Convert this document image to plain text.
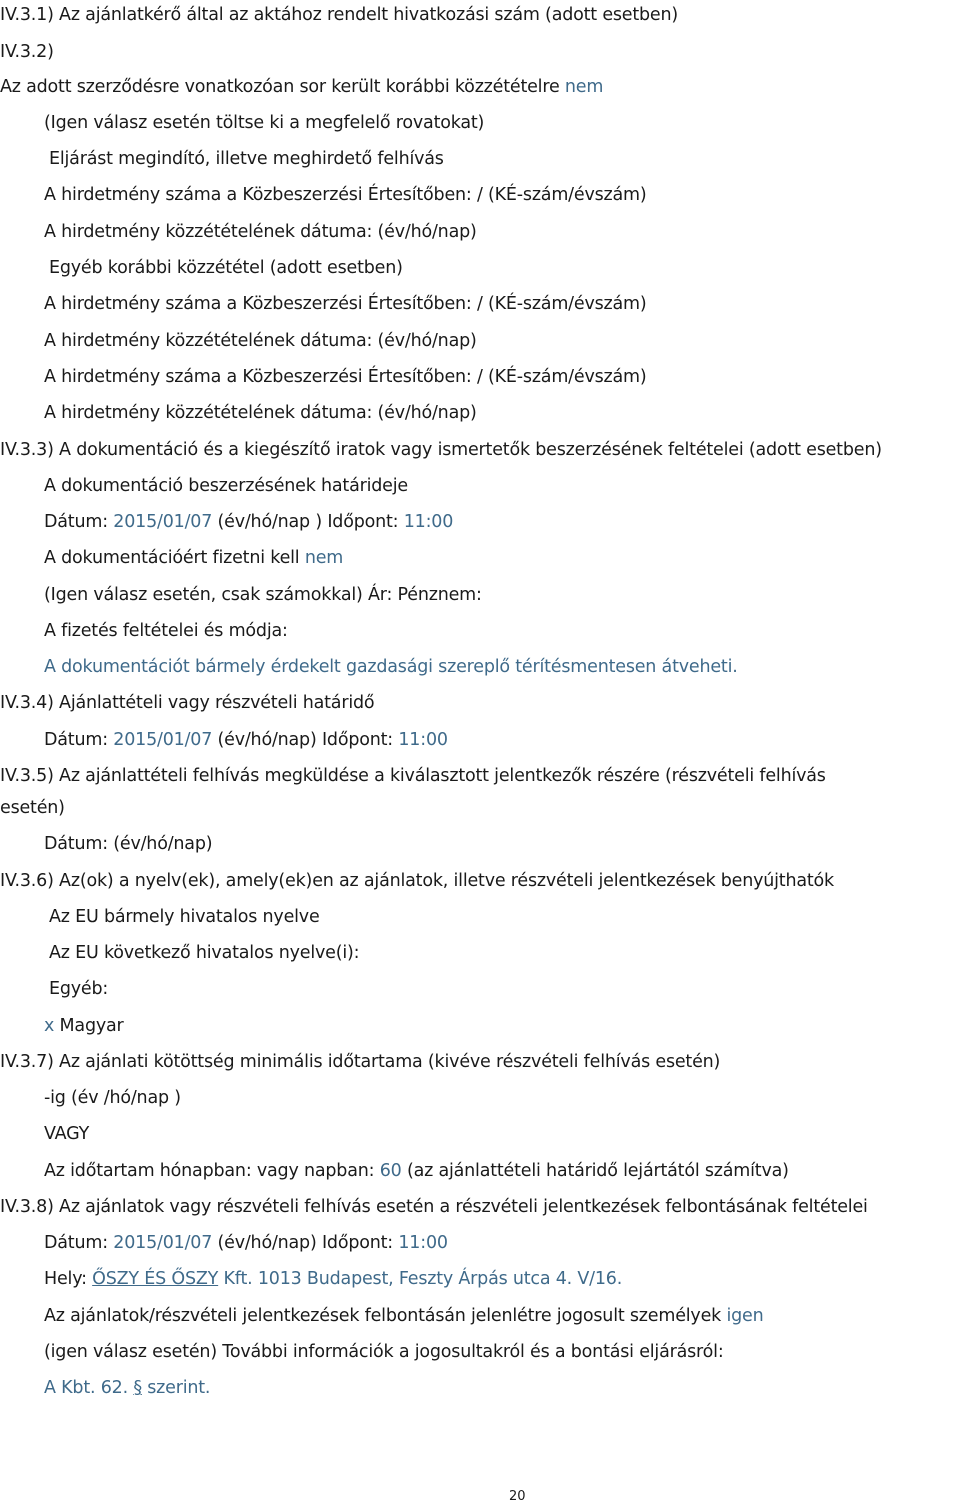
IV.3.1) Az ajánlatkérő által az aktához rendelt hivatkozási szám (adott esetben)
IV.3.2)
Az adott szerződésre vonatkozóan sor került korábbi közzétételre nem
(Igen válasz esetén töltse ki a megfelelő rovatokat)
Eljárást megindító, illetve meghirdető felhívás
A hirdetmény száma a Közbeszerzési Értesítőben: / (KÉ-szám/évszám)
A hirdetmény közzétételének dátuma: (év/hó/nap)
Egyéb korábbi közzététel (adott esetben)
A hirdetmény száma a Közbeszerzési Értesítőben: / (KÉ-szám/évszám)
A hirdetmény közzétételének dátuma: (év/hó/nap)
A hirdetmény száma a Közbeszerzési Értesítőben: / (KÉ-szám/évszám)
A hirdetmény közzétételének dátuma: (év/hó/nap)
IV.3.3) A dokumentáció és a kiegészítő iratok vagy ismertetők beszerzésének feltételei (adott esetben)
A dokumentáció beszerzésének határideje
Dátum: 2015/01/07 (év/hó/nap ) Időpont: 11:00
A dokumentációért fizetni kell nem
(Igen válasz esetén, csak számokkal) Ár: Pénznem:
A fizetés feltételei és módja:
A dokumentációt bármely érdekelt gazdasági szereplő térítésmentesen átveheti.
IV.3.4) Ajánlattételi vagy részvételi határidő
Dátum: 2015/01/07 (év/hó/nap) Időpont: 11:00
IV.3.5) Az ajánlattételi felhívás megküldése a kiválasztott jelentkezők részére (részvételi felhívás
esetén)
Dátum: (év/hó/nap)
IV.3.6) Az(ok) a nyelv(ek), amely(ek)en az ajánlatok, illetve részvételi jelentkezések benyújthatók
Az EU bármely hivatalos nyelve
Az EU következő hivatalos nyelve(i):
Egyéb:
x Magyar
IV.3.7) Az ajánlati kötöttség minimális időtartama (kivéve részvételi felhívás esetén)
-ig (év /hó/nap )
VAGY
Az időtartam hónapban: vagy napban: 60 (az ajánlattételi határidő lejártától számítva)
IV.3.8) Az ajánlatok vagy részvételi felhívás esetén a részvételi jelentkezések felbontásának feltételei
Dátum: 2015/01/07 (év/hó/nap) Időpont: 11:00
Hely: ŐSZY ÉS ŐSZY Kft. 1013 Budapest, Feszty Árpás utca 4. V/16.
Az ajánlatok/részvételi jelentkezések felbontásán jelenlétre jogosult személyek igen
(igen válasz esetén) További információk a jogosultakról és a bontási eljárásról:
A Kbt. 62. § szerint.
20
